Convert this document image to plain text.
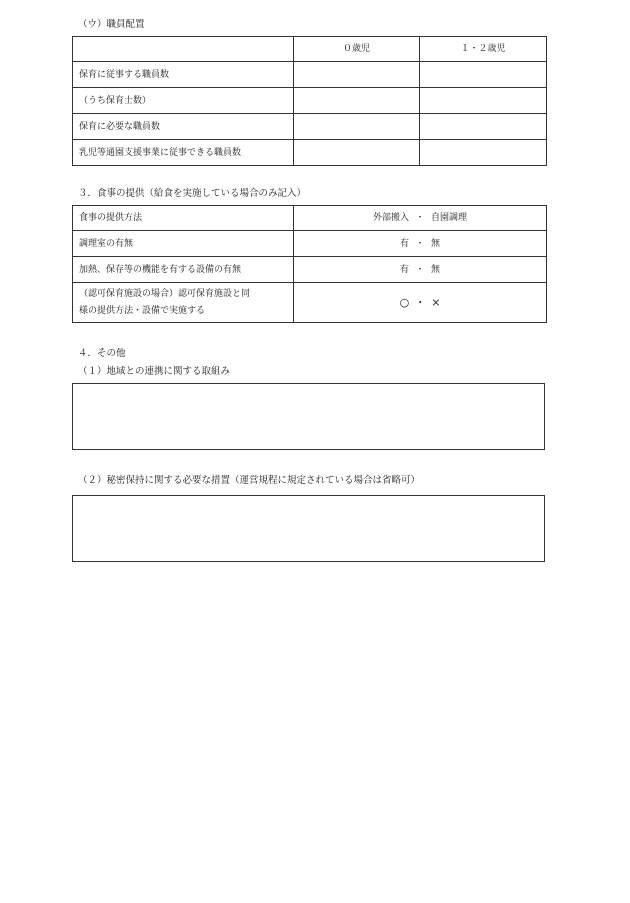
（ウ）職員配置
	０歳児	１・２歳児
保育に従事する職員数		
（うち保育士数）		
保育に必要な職員数		
乳児等通園支援事業に従事できる職員数		
３．食事の提供（給食を実施している場合のみ記入）
食事の提供方法	外部搬入 ・ 自園調理
調理室の有無	有 ・ 無
加熱、保存等の機能を有する設備の有無	有 ・ 無

（認可保育施設の場合）認可保育施設と同
様の提供方法・設備で実施する	○ ・ ×
４．その他
（１）地域との連携に関する取組み
（２）秘密保持に関する必要な措置（運営規程に規定されている場合は省略可）
